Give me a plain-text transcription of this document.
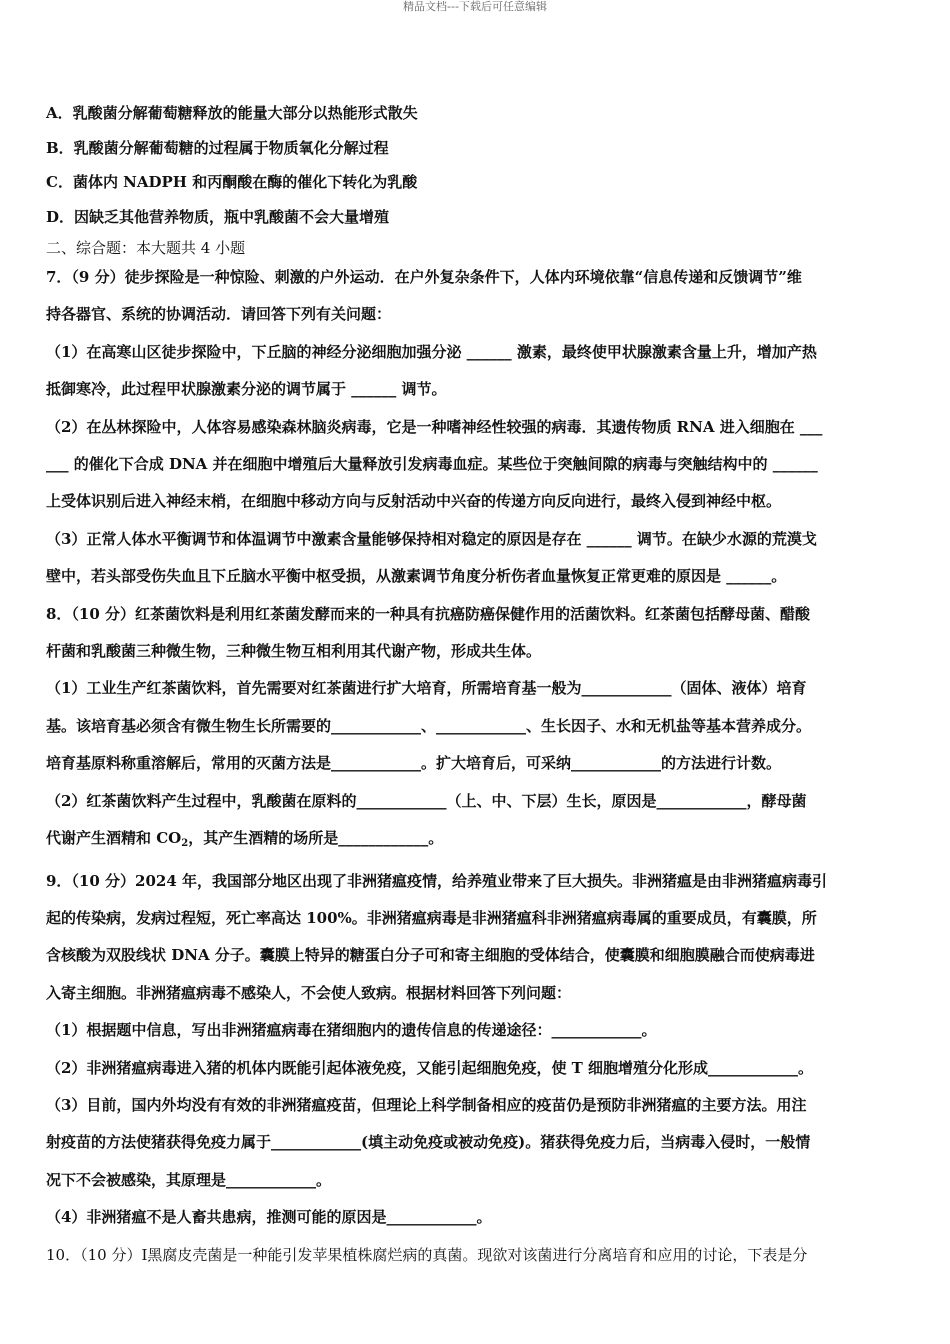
精品文档---下载后可任意编辑
A．乳酸菌分解葡萄糖释放的能量大部分以热能形式散失
B．乳酸菌分解葡萄糖的过程属于物质氧化分解过程
C．菌体内 NADPH 和丙酮酸在酶的催化下转化为乳酸
D．因缺乏其他营养物质，瓶中乳酸菌不会大量增殖
二、综合题：本大题共 4 小题
7．（9 分）徒步探险是一种惊险、刺激的户外运动．在户外复杂条件下，人体内环境依靠“信息传递和反馈调节”维
持各器官、系统的协调活动．请回答下列有关问题：
（1）在高寒山区徒步探险中，下丘脑的神经分泌细胞加强分泌 ______ 激素，最终使甲状腺激素含量上升，增加产热
抵御寒冷，此过程甲状腺激素分泌的调节属于 ______ 调节。
（2）在丛林探险中，人体容易感染森林脑炎病毒，它是一种嗜神经性较强的病毒．其遗传物质 RNA 进入细胞在 ___
___ 的催化下合成 DNA 并在细胞中增殖后大量释放引发病毒血症。某些位于突触间隙的病毒与突触结构中的 ______
上受体识别后进入神经末梢，在细胞中移动方向与反射活动中兴奋的传递方向反向进行，最终入侵到神经中枢。
（3）正常人体水平衡调节和体温调节中激素含量能够保持相对稳定的原因是存在 ______ 调节。在缺少水源的荒漠戈
壁中，若头部受伤失血且下丘脑水平衡中枢受损，从激素调节角度分析伤者血量恢复正常更难的原因是 ______。
8．（10 分）红茶菌饮料是利用红茶菌发酵而来的一种具有抗癌防癌保健作用的活菌饮料。红茶菌包括酵母菌、醋酸
杆菌和乳酸菌三种微生物，三种微生物互相利用其代谢产物，形成共生体。
（1）工业生产红茶菌饮料，首先需要对红茶菌进行扩大培育，所需培育基一般为____________（固体、液体）培育
基。该培育基必须含有微生物生长所需要的____________、____________、生长因子、水和无机盐等基本营养成分。
培育基原料称重溶解后，常用的灭菌方法是____________。扩大培育后，可采纳____________的方法进行计数。
（2）红茶菌饮料产生过程中，乳酸菌在原料的____________（上、中、下层）生长，原因是____________，酵母菌
代谢产生酒精和 $CO_2$，其产生酒精的场所是____________。
9．（10 分）2024 年，我国部分地区出现了非洲猪瘟疫情，给养殖业带来了巨大损失。非洲猪瘟是由非洲猪瘟病毒引
起的传染病，发病过程短，死亡率高达 100%。非洲猪瘟病毒是非洲猪瘟科非洲猪瘟病毒属的重要成员，有囊膜，所
含核酸为双股线状 DNA 分子。囊膜上特异的糖蛋白分子可和寄主细胞的受体结合，使囊膜和细胞膜融合而使病毒进
入寄主细胞。非洲猪瘟病毒不感染人，不会使人致病。根据材料回答下列问题：
（1）根据题中信息，写出非洲猪瘟病毒在猪细胞内的遗传信息的传递途径：____________。
（2）非洲猪瘟病毒进入猪的机体内既能引起体液免疫，又能引起细胞免疫，使 T 细胞增殖分化形成____________。
（3）目前，国内外均没有有效的非洲猪瘟疫苗，但理论上科学制备相应的疫苗仍是预防非洲猪瘟的主要方法。用注
射疫苗的方法使猪获得免疫力属于____________(填主动免疫或被动免疫)。猪获得免疫力后，当病毒入侵时，一般情
况下不会被感染，其原理是____________。
（4）非洲猪瘟不是人畜共患病，推测可能的原因是____________。
10．（10 分）Ⅰ黑腐皮壳菌是一种能引发苹果植株腐烂病的真菌。现欲对该菌进行分离培育和应用的讨论，下表是分
